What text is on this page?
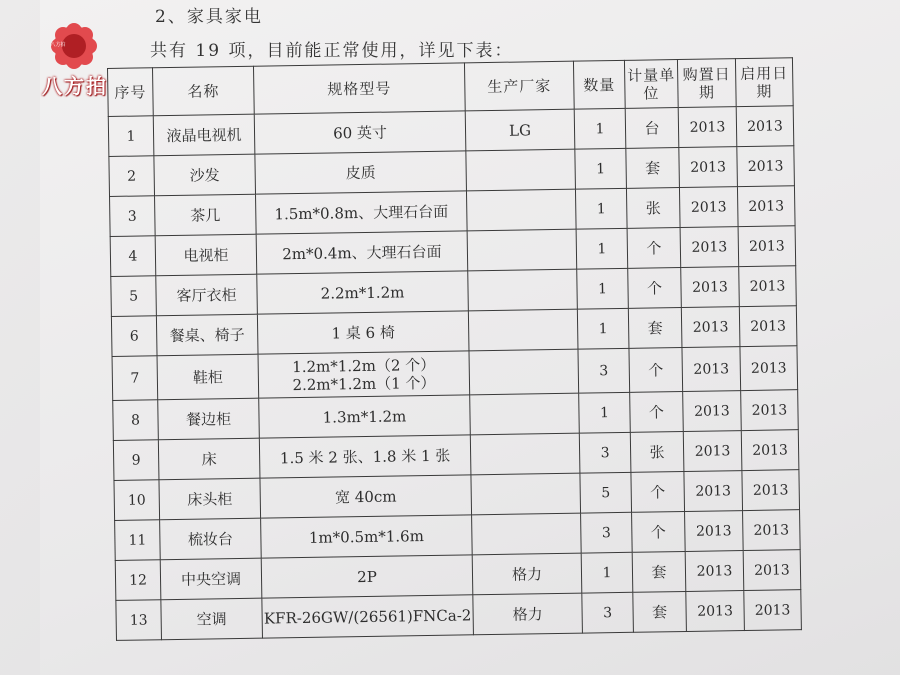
八方拍
八方拍
2、家具家电
共有 19 项，目前能正常使用，详见下表：
序号	名称	规格型号	生产厂家	数量	计量单位	购置日期	启用日期
1	液晶电视机	60 英寸	LG	1	台	2013	2013
2	沙发	皮质		1	套	2013	2013
3	茶几	1.5m*0.8m、大理石台面		1	张	2013	2013
4	电视柜	2m*0.4m、大理石台面		1	个	2013	2013
5	客厅衣柜	2.2m*1.2m		1	个	2013	2013
6	餐桌、椅子	1 桌 6 椅		1	套	2013	2013
7	鞋柜	1.2m*1.2m（2 个）
2.2m*1.2m（1 个）		3	个	2013	2013
8	餐边柜	1.3m*1.2m		1	个	2013	2013
9	床	1.5 米 2 张、1.8 米 1 张		3	张	2013	2013
10	床头柜	宽 40cm		5	个	2013	2013
11	梳妆台	1m*0.5m*1.6m		3	个	2013	2013
12	中央空调	2P	格力	1	套	2013	2013
13	空调	KFR-26GW/(26561)FNCa-2	格力	3	套	2013	2013
